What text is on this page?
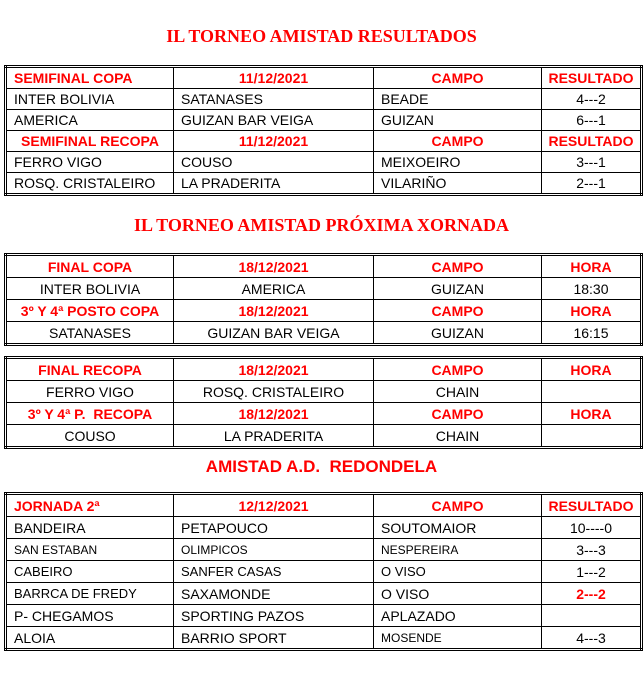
IL TORNEO AMISTAD RESULTADOS
SEMIFINAL COPA	11/12/2021	CAMPO	RESULTADO
INTER BOLIVIA	SATANASES	BEADE	4---2
AMERICA	GUIZAN BAR VEIGA	GUIZAN	6---1
SEMIFINAL RECOPA	11/12/2021	CAMPO	RESULTADO
FERRO VIGO	COUSO	MEIXOEIRO	3---1
ROSQ. CRISTALEIRO	LA PRADERITA	VILARIÑO	2---1
IL TORNEO AMISTAD PRÓXIMA XORNADA
FINAL COPA	18/12/2021	CAMPO	HORA
INTER BOLIVIA	AMERICA	GUIZAN	18:30
3º Y 4ª POSTO COPA	18/12/2021	CAMPO	HORA
SATANASES	GUIZAN BAR VEIGA	GUIZAN	16:15
FINAL RECOPA	18/12/2021	CAMPO	HORA
FERRO VIGO	ROSQ. CRISTALEIRO	CHAIN	
3º Y 4ª P.  RECOPA	18/12/2021	CAMPO	HORA
COUSO	LA PRADERITA	CHAIN	
AMISTAD A.D.  REDONDELA
JORNADA 2ª	12/12/2021	CAMPO	RESULTADO
BANDEIRA	PETAPOUCO	SOUTOMAIOR	10----0
SAN ESTABAN	OLIMPICOS	NESPEREIRA	3---3
CABEIRO	SANFER CASAS	O VISO	1---2
BARRCA DE FREDY	SAXAMONDE	O VISO	2---2
P- CHEGAMOS	SPORTING PAZOS	APLAZADO	
ALOIA	BARRIO SPORT	MOSENDE	4---3
